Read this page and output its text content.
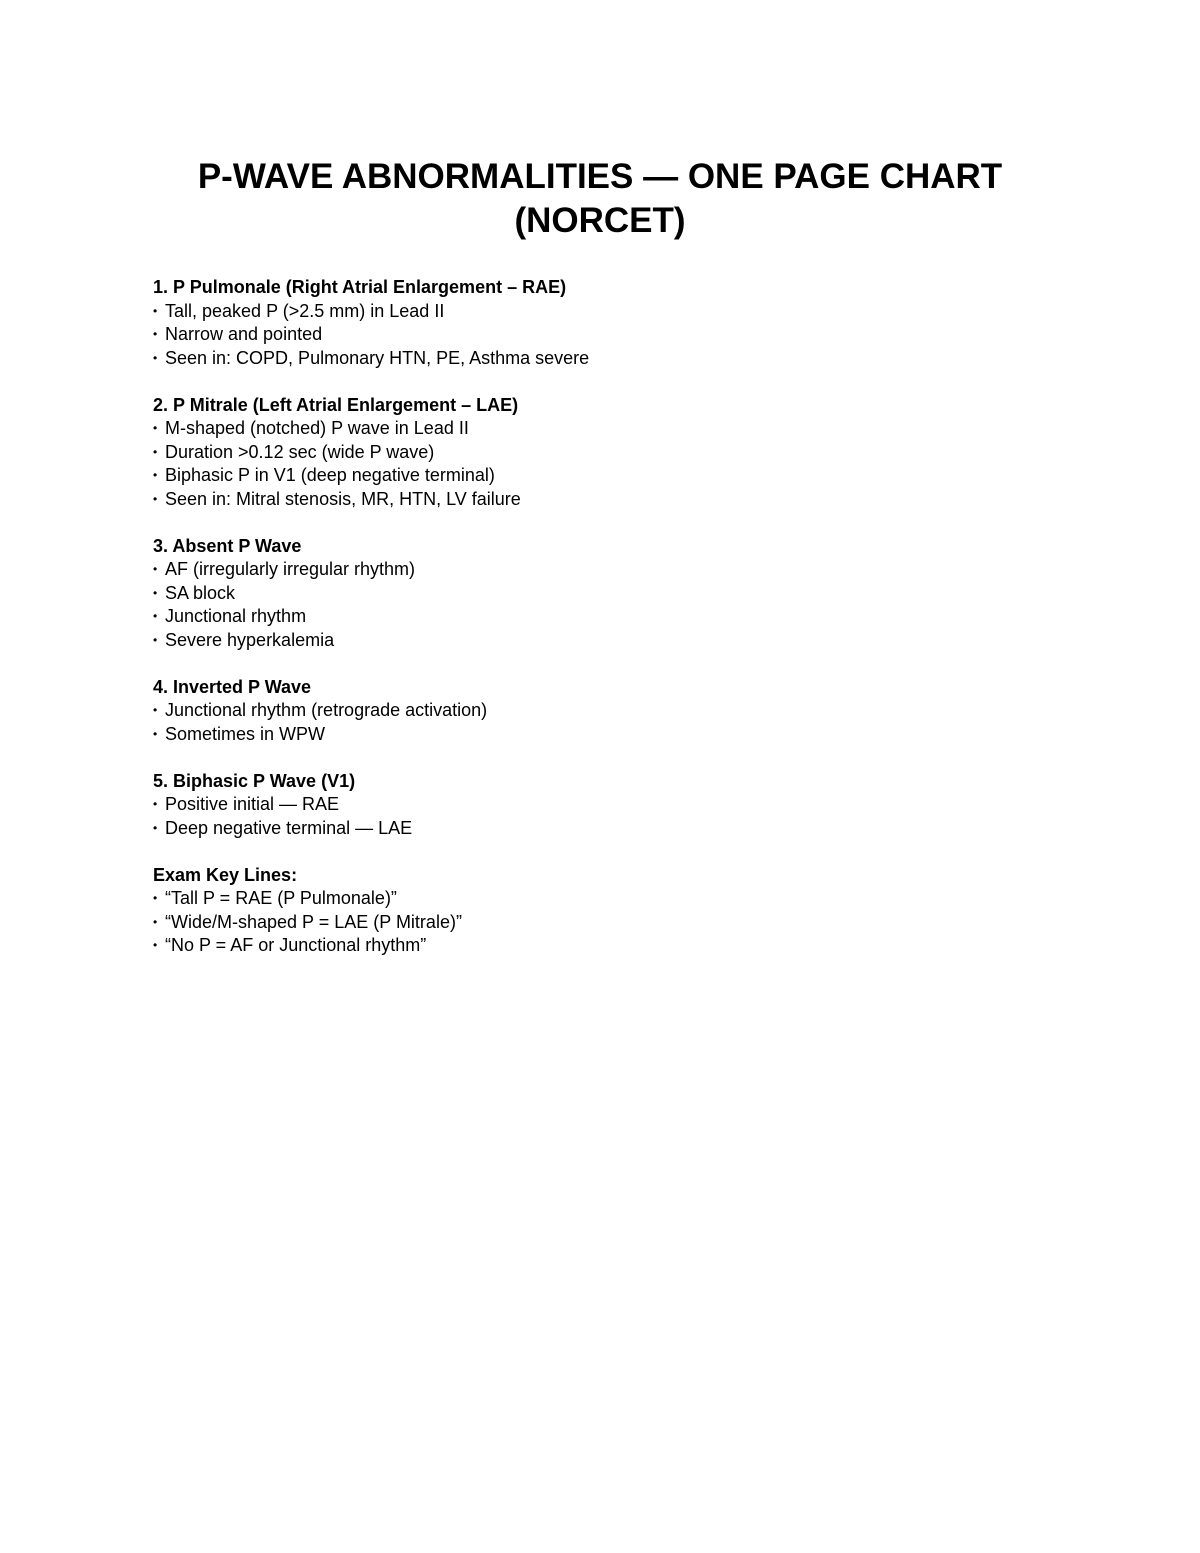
P-WAVE ABNORMALITIES — ONE PAGE CHART
(NORCET)
1. P Pulmonale (Right Atrial Enlargement – RAE)
• Tall, peaked P (>2.5 mm) in Lead II
• Narrow and pointed
• Seen in: COPD, Pulmonary HTN, PE, Asthma severe
2. P Mitrale (Left Atrial Enlargement – LAE)
• M-shaped (notched) P wave in Lead II
• Duration >0.12 sec (wide P wave)
• Biphasic P in V1 (deep negative terminal)
• Seen in: Mitral stenosis, MR, HTN, LV failure
3. Absent P Wave
• AF (irregularly irregular rhythm)
• SA block
• Junctional rhythm
• Severe hyperkalemia
4. Inverted P Wave
• Junctional rhythm (retrograde activation)
• Sometimes in WPW
5. Biphasic P Wave (V1)
• Positive initial — RAE
• Deep negative terminal — LAE
Exam Key Lines:
• “Tall P = RAE (P Pulmonale)”
• “Wide/M-shaped P = LAE (P Mitrale)”
• “No P = AF or Junctional rhythm”
